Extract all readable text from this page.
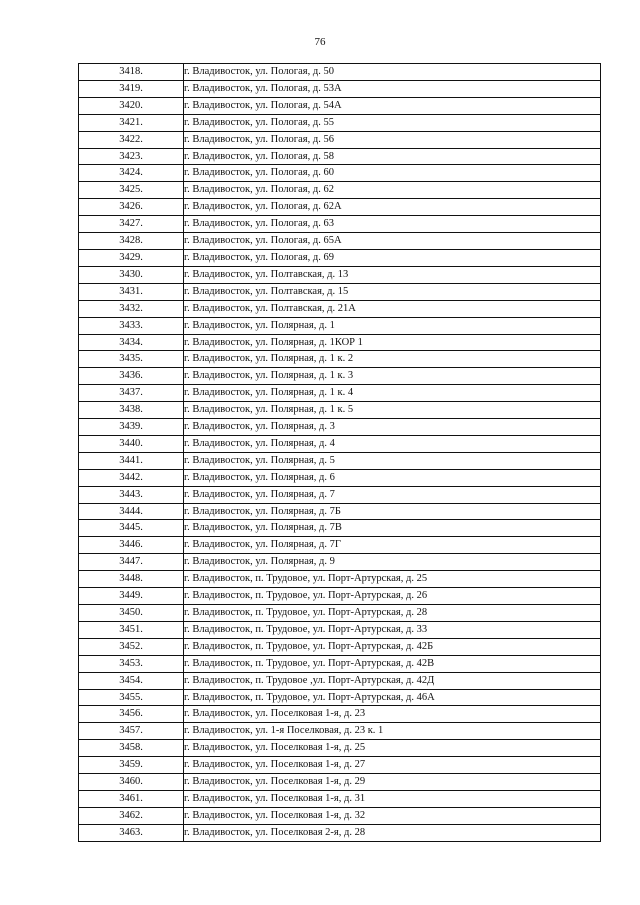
76
3418.	г. Владивосток, ул. Пологая, д. 50
3419.	г. Владивосток, ул. Пологая, д. 53А
3420.	г. Владивосток, ул. Пологая, д. 54А
3421.	г. Владивосток, ул. Пологая, д. 55
3422.	г. Владивосток, ул. Пологая, д. 56
3423.	г. Владивосток, ул. Пологая, д. 58
3424.	г. Владивосток, ул. Пологая, д. 60
3425.	г. Владивосток, ул. Пологая, д. 62
3426.	г. Владивосток, ул. Пологая, д. 62А
3427.	г. Владивосток, ул. Пологая, д. 63
3428.	г. Владивосток, ул. Пологая, д. 65А
3429.	г. Владивосток, ул. Пологая, д. 69
3430.	г. Владивосток, ул. Полтавская, д. 13
3431.	г. Владивосток, ул. Полтавская, д. 15
3432.	г. Владивосток, ул. Полтавская, д. 21А
3433.	г. Владивосток, ул. Полярная, д. 1
3434.	г. Владивосток, ул. Полярная, д. 1КОР 1
3435.	г. Владивосток, ул. Полярная, д. 1 к. 2
3436.	г. Владивосток, ул. Полярная, д. 1 к. 3
3437.	г. Владивосток, ул. Полярная, д. 1 к. 4
3438.	г. Владивосток, ул. Полярная, д. 1 к. 5
3439.	г. Владивосток, ул. Полярная, д. 3
3440.	г. Владивосток, ул. Полярная, д. 4
3441.	г. Владивосток, ул. Полярная, д. 5
3442.	г. Владивосток, ул. Полярная, д. 6
3443.	г. Владивосток, ул. Полярная, д. 7
3444.	г. Владивосток, ул. Полярная, д. 7Б
3445.	г. Владивосток, ул. Полярная, д. 7В
3446.	г. Владивосток, ул. Полярная, д. 7Г
3447.	г. Владивосток, ул. Полярная, д. 9
3448.	г. Владивосток, п. Трудовое, ул. Порт-Артурская, д. 25
3449.	г. Владивосток, п. Трудовое, ул. Порт-Артурская, д. 26
3450.	г. Владивосток, п. Трудовое, ул. Порт-Артурская, д. 28
3451.	г. Владивосток, п. Трудовое, ул. Порт-Артурская, д. 33
3452.	г. Владивосток, п. Трудовое, ул. Порт-Артурская, д. 42Б
3453.	г. Владивосток, п. Трудовое, ул. Порт-Артурская, д. 42В
3454.	г. Владивосток, п. Трудовое ,ул. Порт-Артурская, д. 42Д
3455.	г. Владивосток, п. Трудовое, ул. Порт-Артурская, д. 46А
3456.	г. Владивосток, ул. Поселковая 1-я, д. 23
3457.	г. Владивосток, ул. 1-я Поселковая, д. 23 к. 1
3458.	г. Владивосток, ул. Поселковая 1-я, д. 25
3459.	г. Владивосток, ул. Поселковая 1-я, д. 27
3460.	г. Владивосток, ул. Поселковая 1-я, д. 29
3461.	г. Владивосток, ул. Поселковая 1-я, д. 31
3462.	г. Владивосток, ул. Поселковая 1-я, д. 32
3463.	г. Владивосток, ул. Поселковая 2-я, д. 28
